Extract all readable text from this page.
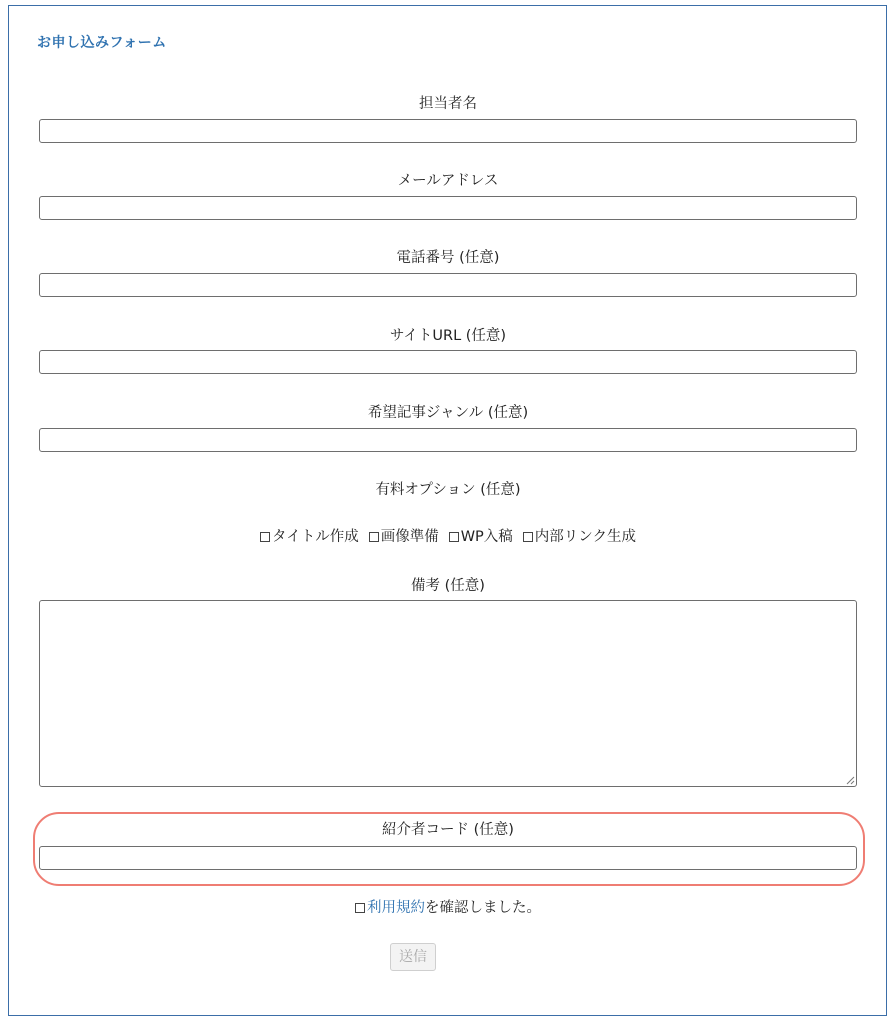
お申し込みフォーム
担当者名
メールアドレス
電話番号 (任意)
サイトURL (任意)
希望記事ジャンル (任意)
有料オプション (任意)
タイトル作成 画像準備 WP入稿 内部リンク生成
備考 (任意)
紹介者コード (任意)
利用規約 を確認しました。
送信
